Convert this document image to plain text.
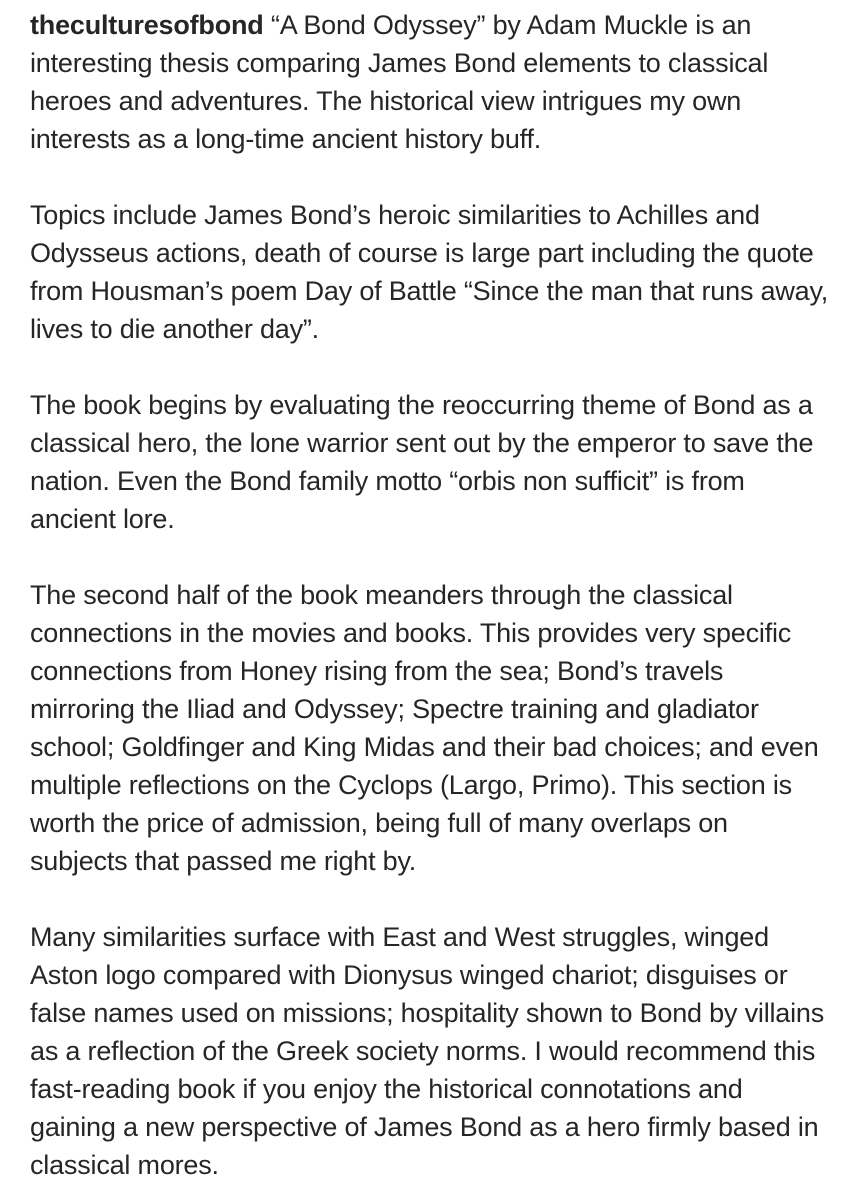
theculturesofbond “A Bond Odyssey” by Adam Muckle is an interesting thesis comparing James Bond elements to classical heroes and adventures. The historical view intrigues my own interests as a long-time ancient history buff.

Topics include James Bond’s heroic similarities to Achilles and Odysseus actions, death of course is large part including the quote from Housman’s poem Day of Battle “Since the man that runs away, lives to die another day”.

The book begins by evaluating the reoccurring theme of Bond as a classical hero, the lone warrior sent out by the emperor to save the nation. Even the Bond family motto “orbis non sufficit” is from ancient lore.

The second half of the book meanders through the classical connections in the movies and books. This provides very specific connections from Honey rising from the sea; Bond’s travels mirroring the Iliad and Odyssey; Spectre training and gladiator school; Goldfinger and King Midas and their bad choices; and even multiple reflections on the Cyclops (Largo, Primo). This section is worth the price of admission, being full of many overlaps on subjects that passed me right by.

Many similarities surface with East and West struggles, winged Aston logo compared with Dionysus winged chariot; disguises or false names used on missions; hospitality shown to Bond by villains as a reflection of the Greek society norms. I would recommend this fast-reading book if you enjoy the historical connotations and gaining a new perspective of James Bond as a hero firmly based in classical mores.
